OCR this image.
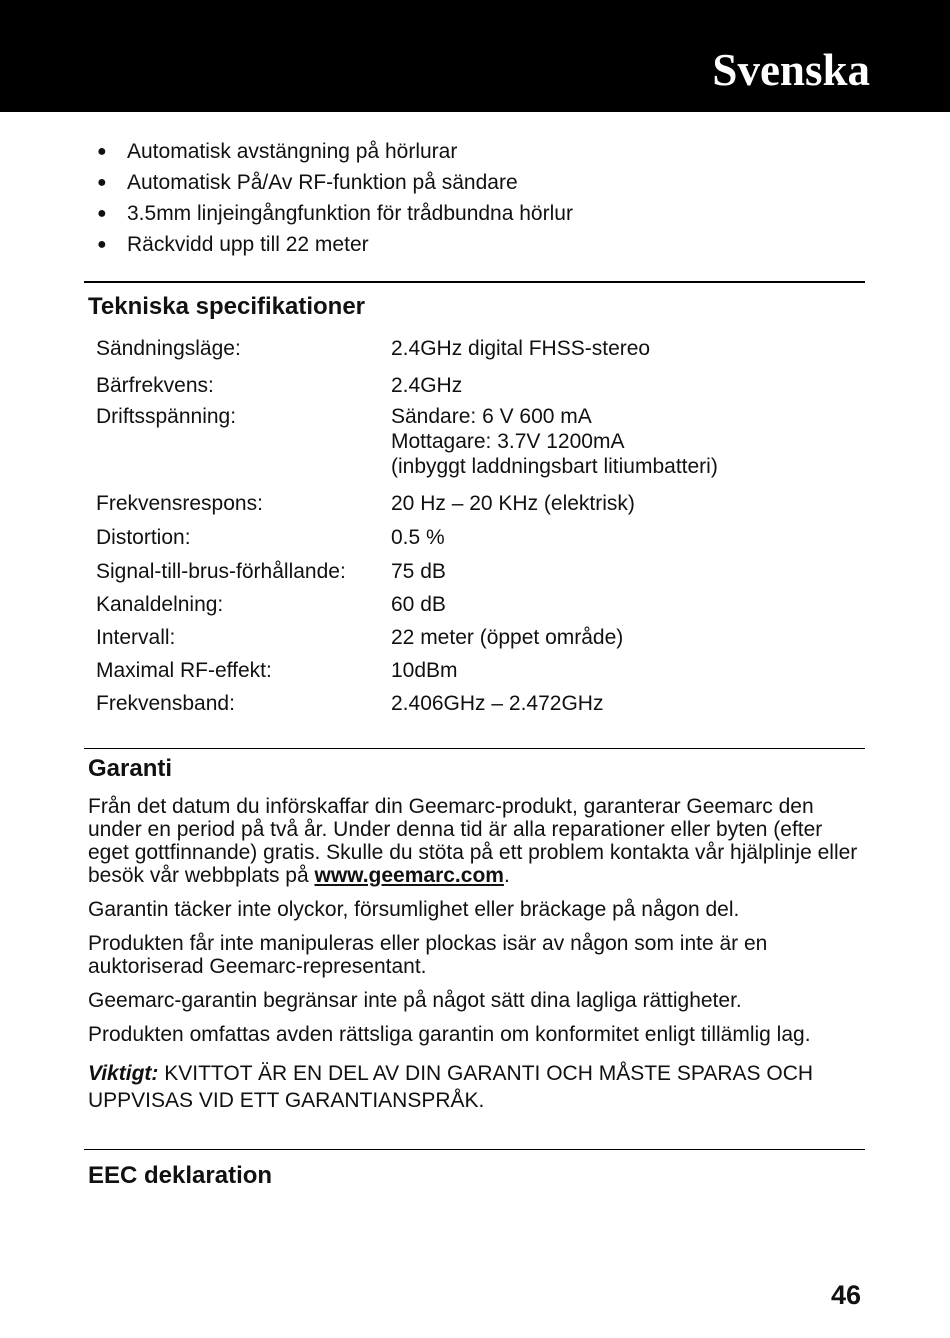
Svenska
● Automatisk avstängning på hörlurar
● Automatisk På/Av RF-funktion på sändare
● 3.5mm linjeingångfunktion för trådbundna hörlur
● Räckvidd upp till 22 meter
Tekniska specifikationer
Sändningsläge:	2.4GHz digital FHSS-stereo
Bärfrekvens:	2.4GHz
Driftsspänning:	Sändare: 6 V 600 mA
Mottagare: 3.7V 1200mA
(inbyggt laddningsbart litiumbatteri)
Frekvensrespons:	20 Hz – 20 KHz (elektrisk)
Distortion:	0.5 %
Signal-till-brus-förhållande: 75 dB
Kanaldelning:	60 dB
Intervall:	22 meter (öppet område)
Maximal RF-effekt:	10dBm
Frekvensband:	2.406GHz – 2.472GHz
Garanti

Från det datum du införskaffar din Geemarc-produkt, garanterar Geemarc den under en period på två år. Under denna tid är alla reparationer eller byten (efter eget gottfinnande) gratis. Skulle du stöta på ett problem kontakta vår hjälplinje eller besök vår webbplats på www.geemarc.com.

Garantin täcker inte olyckor, försumlighet eller bräckage på någon del.

Produkten får inte manipuleras eller plockas isär av någon som inte är en auktoriserad Geemarc-representant.

Geemarc-garantin begränsar inte på något sätt dina lagliga rättigheter.

Produkten omfattas avden rättsliga garantin om konformitet enligt tillämlig lag.

Viktigt: KVITTOT ÄR EN DEL AV DIN GARANTI OCH MÅSTE SPARAS OCH UPPVISAS VID ETT GARANTIANSPRÅK.

EEC deklaration

46
